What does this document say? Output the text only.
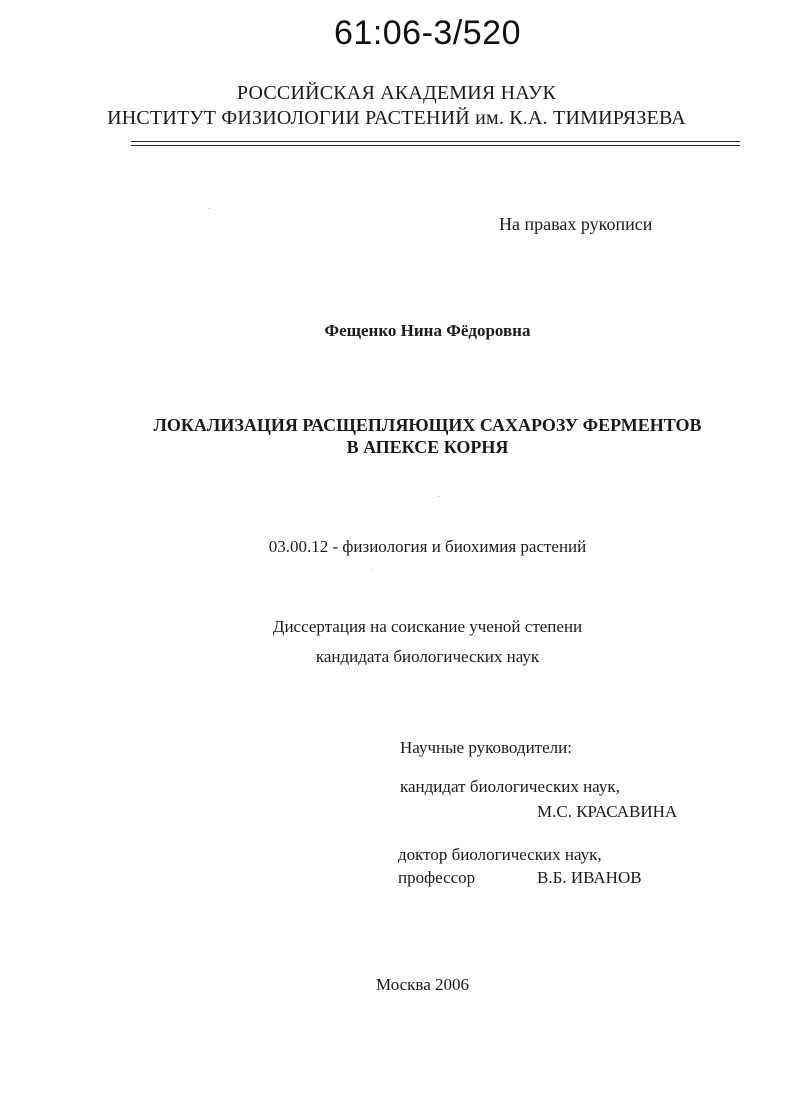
61:06-3/520
РОССИЙСКАЯ АКАДЕМИЯ НАУК
ИНСТИТУТ ФИЗИОЛОГИИ РАСТЕНИЙ им. К.А. ТИМИРЯЗЕВА
На правах рукописи
Фещенко Нина Фёдоровна
ЛОКАЛИЗАЦИЯ РАСЩЕПЛЯЮЩИХ САХАРОЗУ ФЕРМЕНТОВ
В АПЕКСЕ КОРНЯ
03.00.12 - физиология и биохимия растений
Диссертация на соискание ученой степени
кандидата биологических наук
Научные руководители:
кандидат биологических наук,
М.С. КРАСАВИНА
доктор биологических наук,
профессор	В.Б. ИВАНОВ
Москва 2006
